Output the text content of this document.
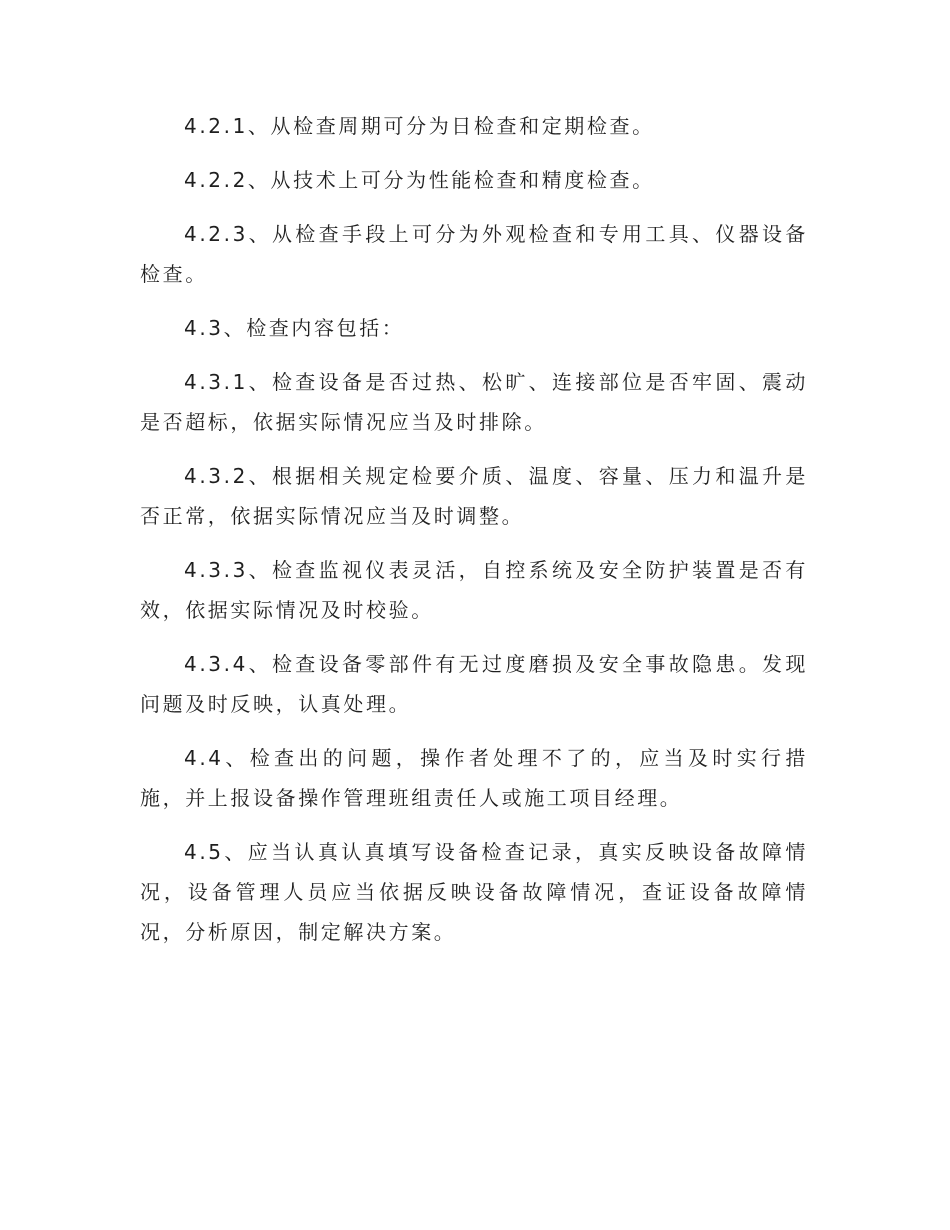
4.2.1、从检查周期可分为日检查和定期检查。

4.2.2、从技术上可分为性能检查和精度检查。

4.2.3、从检查手段上可分为外观检查和专用工具、仪器设备检查。

4.3、检查内容包括：

4.3.1、检查设备是否过热、松旷、连接部位是否牢固、震动是否超标，依据实际情况应当及时排除。

4.3.2、根据相关规定检要介质、温度、容量、压力和温升是否正常，依据实际情况应当及时调整。

4.3.3、检查监视仪表灵活，自控系统及安全防护装置是否有效，依据实际情况及时校验。

4.3.4、检查设备零部件有无过度磨损及安全事故隐患。发现问题及时反映，认真处理。

4.4、检查出的问题，操作者处理不了的，应当及时实行措施，并上报设备操作管理班组责任人或施工项目经理。

4.5、应当认真认真填写设备检查记录，真实反映设备故障情况，设备管理人员应当依据反映设备故障情况，查证设备故障情况，分析原因，制定解决方案。
